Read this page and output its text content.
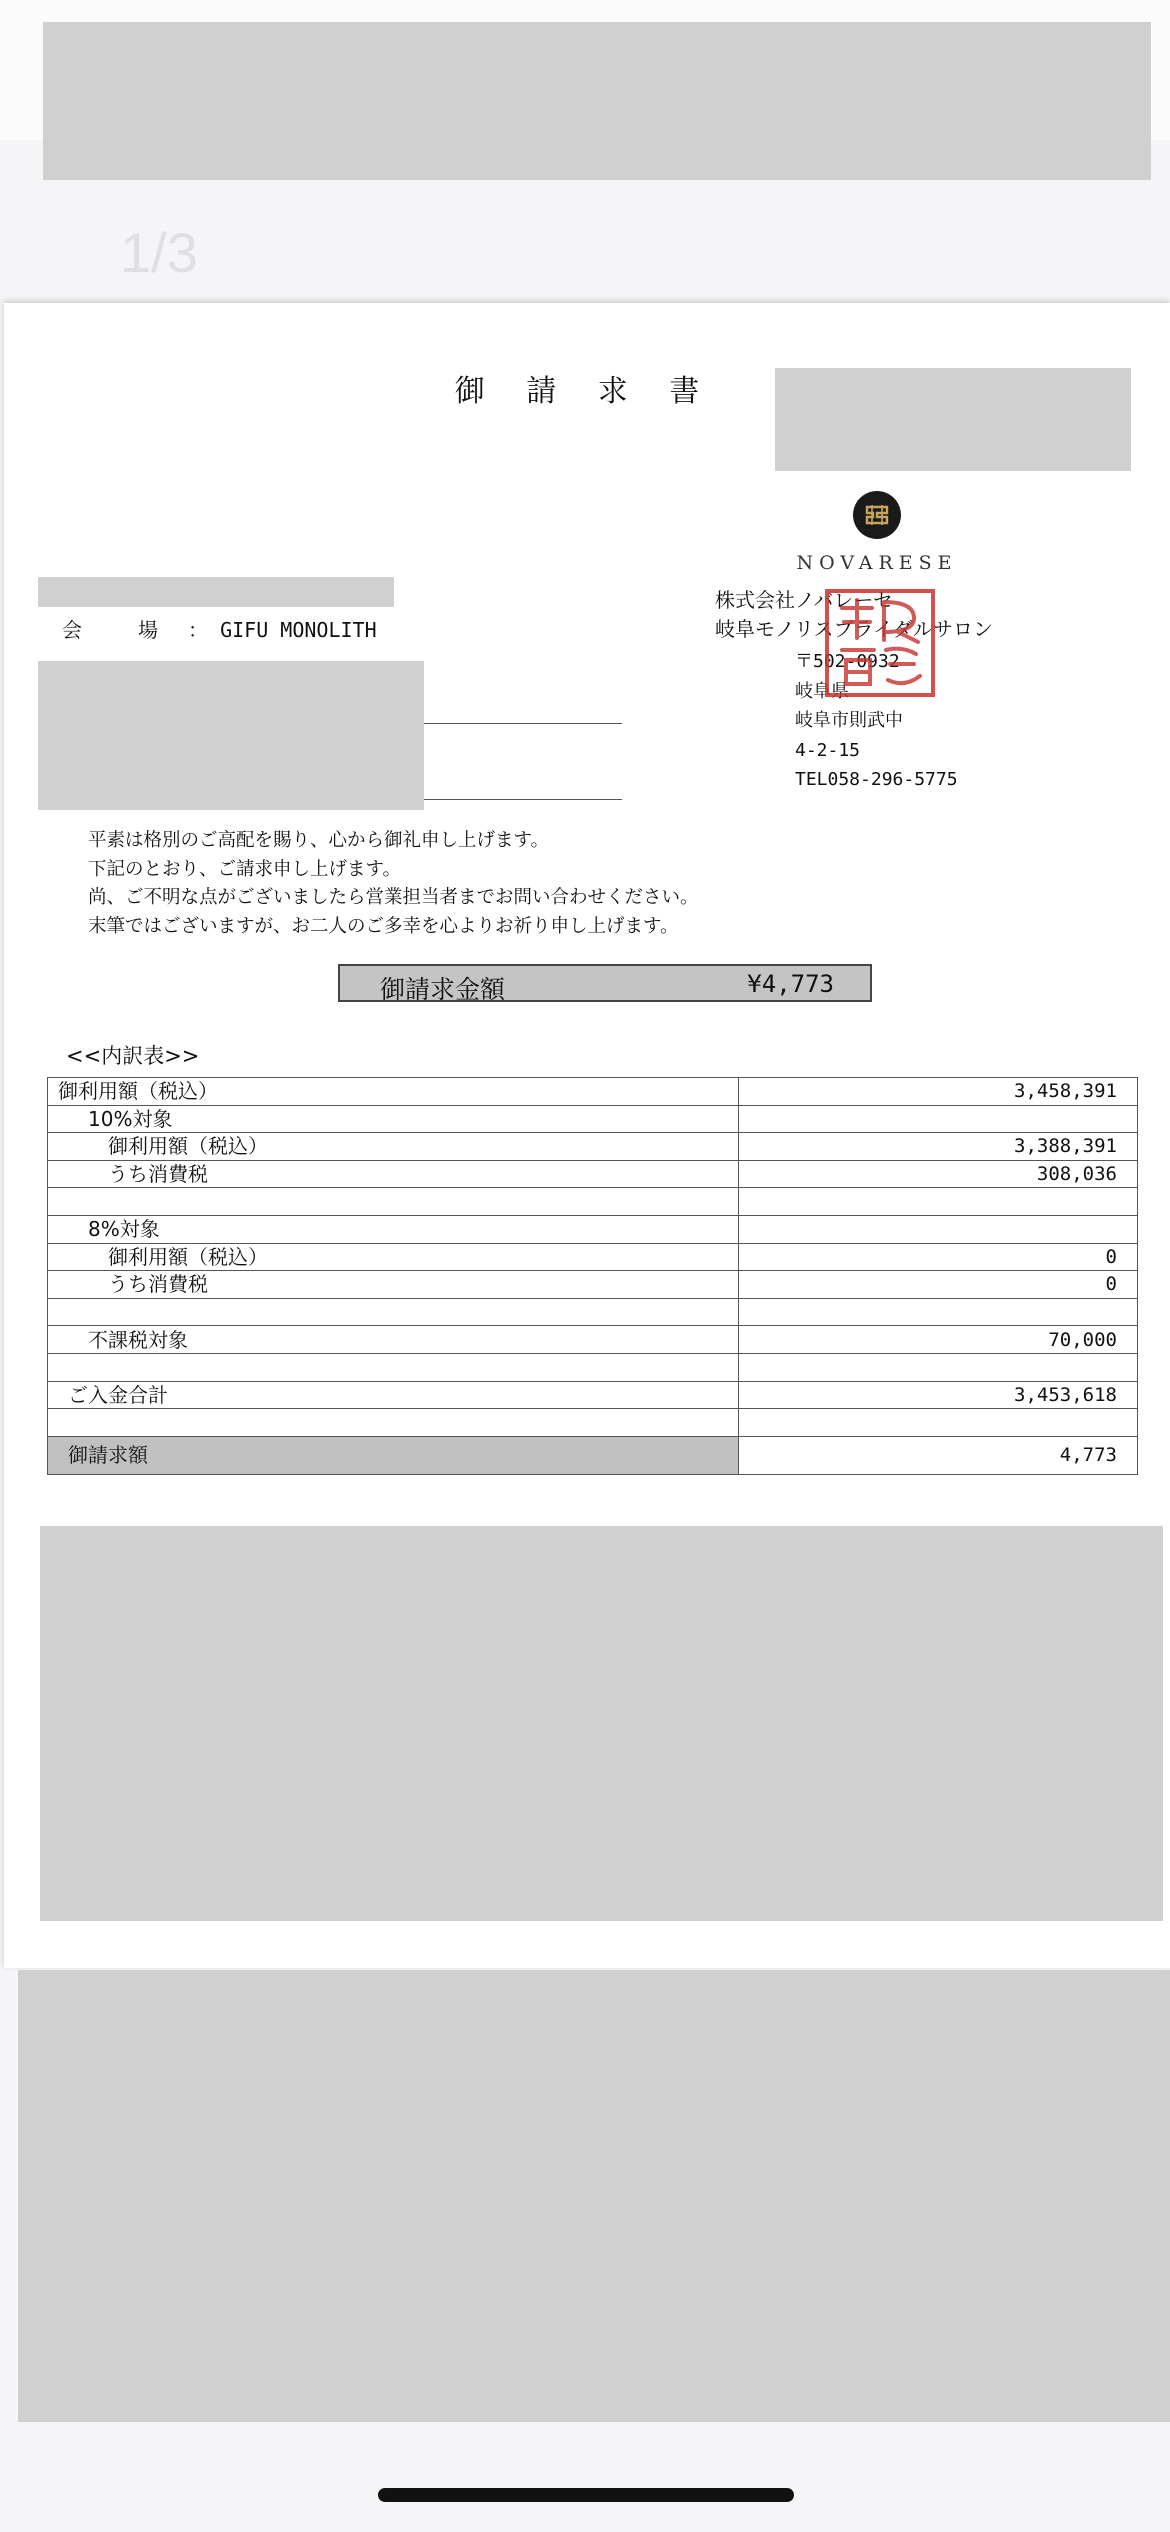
1/3
御 請 求 書
NOVARESE
会　場 ： GIFU MONOLITH
株式会社ノバレーセ
岐阜モノリスブライダルサロン
〒502-0932
岐阜県
岐阜市則武中
4-2-15
TEL058-296-5775
平素は格別のご高配を賜り、心から御礼申し上げます。
下記のとおり、ご請求申し上げます。
尚、ご不明な点がございましたら営業担当者までお問い合わせください。
末筆ではございますが、お二人のご多幸を心よりお祈り申し上げます。
御請求金額	¥4,773
<<内訳表>>
御利用額（税込）	3,458,391
10%対象	
御利用額（税込）	3,388,391
うち消費税	308,036

8%対象	
御利用額（税込）	0
うち消費税	0

不課税対象	70,000

ご入金合計	3,453,618

御請求額	4,773
